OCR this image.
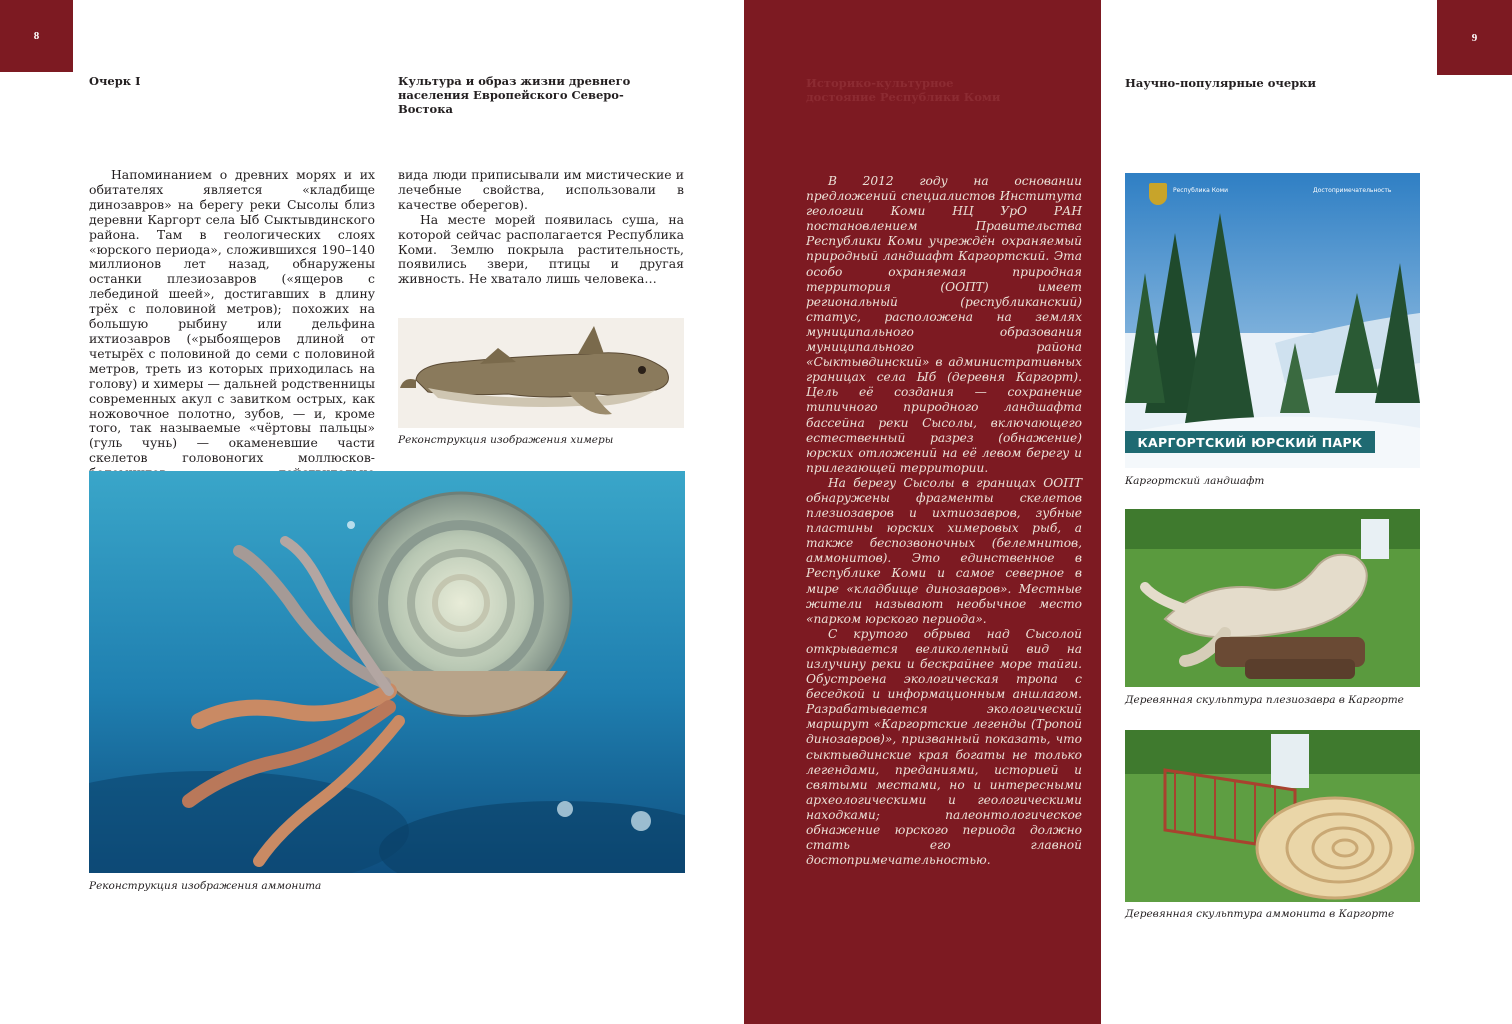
8
Очерк I	Культура и образ жизни древнего населения Европейского Северо-Востока

Напоминанием о древних морях и их обитателях является «кладбище динозавров» на берегу реки Сысолы близ деревни Каргорт села Ыб Сыктывдинского района. Там в геологических слоях «юрского периода», сложившихся 190–140 миллионов лет назад, обнаружены останки плезиозавров («ящеров с лебединой шеей», достигавших в длину трёх с половиной метров); похожих на большую рыбину или дельфина ихтиозавров («рыбоящеров длиной от четырёх с половиной до семи с половиной метров, треть из которых приходилась на голову) и химеры — дальней родственницы современных акул с завитком острых, как ножовочное полотно, зубов, — и, кроме того, так называемые «чёртовы пальцы» (гуль чунь) — окаменевшие части скелетов головоногих моллюсков-

вида люди приписывали им мистические и лечебные свойства, использовали в качестве оберегов).

На месте морей появилась суша, на которой сейчас располагается Республика Коми. Землю покрыла растительность, появились звери, птицы и другая живность. Не хватало лишь человека…

Реконструкция изображения химеры
Реконструкция изображения аммонита
Историко-культурное достояние Республики Коми

В 2012 году на основании предложений специалистов Института геологии Коми НЦ УрО РАН постановлением Правительства Республики Коми учреждён охраняемый природный ландшафт Каргортский. Эта особо охраняемая природная территория (ООПТ) имеет региональный (республиканский) статус, расположена на землях муниципального образования муниципального района «Сыктывдинский» в административных границах села Ыб (деревня Каргорт). Цель её создания — сохранение типичного природного ландшафта бассейна реки Сысолы, включающего естественный разрез (обнажение) юрских отложений на её левом берегу и прилегающей территории.

На берегу Сысолы в границах ООПТ обнаружены фрагменты скелетов плезиозавров и ихтиозавров, зубные пластины юрских химеровых рыб, а также беспозвоночных (белемнитов, аммонитов). Это единственное в Республике Коми и самое северное в мире «кладбище динозавров». Местные жители называют необычное место «парком юрского периода».

С крутого обрыва над Сысолой открывается великолепный вид на излучину реки и бескрайнее море тайги. Обустроена экологическая тропа с беседкой и информационным аншлагом. Разрабатывается экологический маршрут «Каргортские легенды (Тропой динозавров)», призванный показать, что сыктывдинские края богаты не только легендами, преданиями, историей и святыми местами, но и интересными археологическими и геологическими находками; палеонтологическое обнажение юрского периода должно стать его главной достопримечательностью.

Научно-популярные очерки
9
Республика Коми	Достопримечательность
КАРГОРТСКИЙ ЮРСКИЙ ПАРК
Каргортский ландшафт
Деревянная скульптура плезиозавра в Каргорте
Деревянная скульптура аммонита в Каргорте
